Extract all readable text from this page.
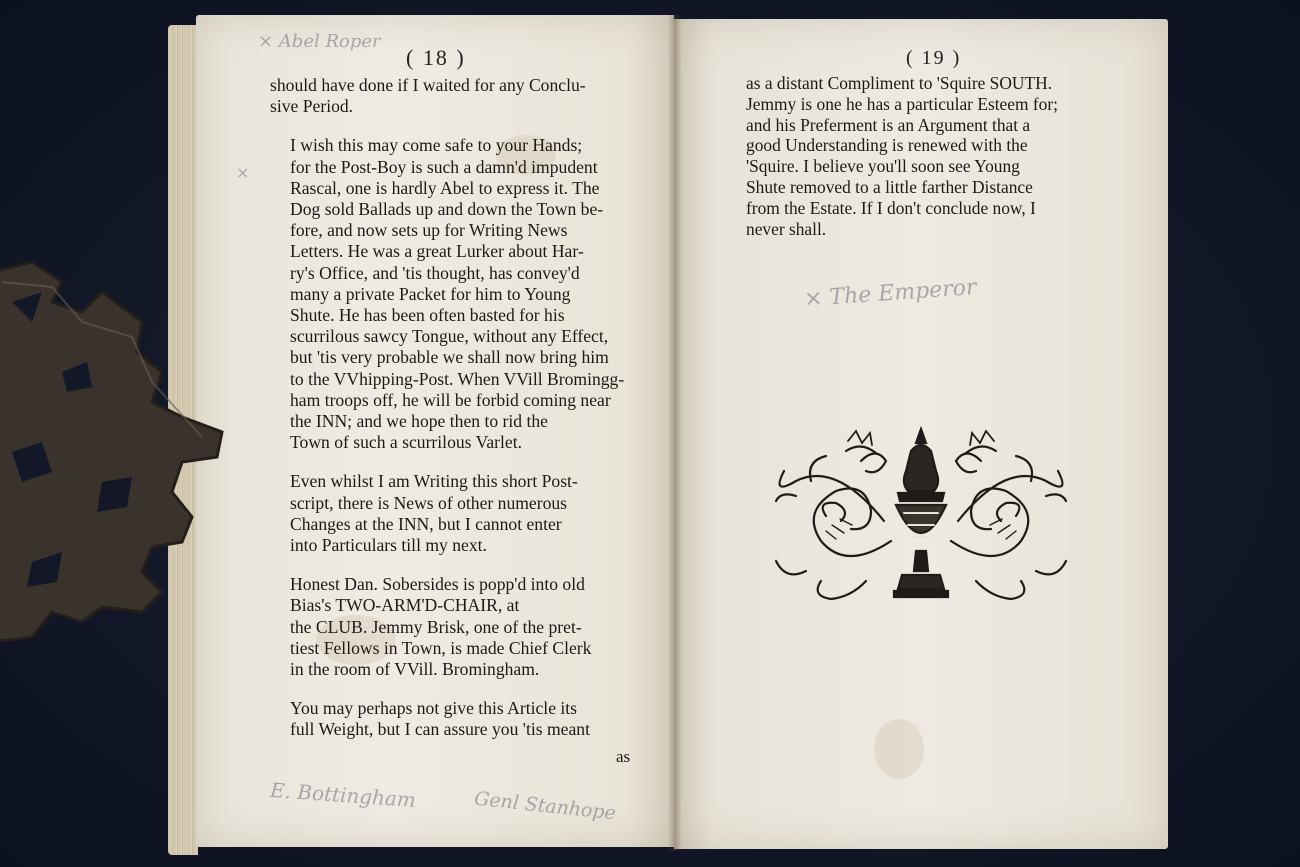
× Abel Roper
×
( 18 )
should have done if I waited for any Conclu-
sive Period.
I wish this may come safe to your Hands;
for the Post-Boy is such a damn'd impudent
Rascal, one is hardly Abel to express it. The
Dog sold Ballads up and down the Town be-
fore, and now sets up for Writing News
Letters. He was a great Lurker about Har-
ry's Office, and 'tis thought, has convey'd
many a private Packet for him to Young
Shute. He has been often basted for his
scurrilous sawcy Tongue, without any Effect,
but 'tis very probable we shall now bring him
to the VVhipping-Post. When VVill Bromingg-
ham troops off, he will be forbid coming near
the INN; and we hope then to rid the
Town of such a scurrilous Varlet.
Even whilst I am Writing this short Post-
script, there is News of other numerous
Changes at the INN, but I cannot enter
into Particulars till my next.
Honest Dan. Sobersides is popp'd into old
Bias's TWO-ARM'D-CHAIR, at
the CLUB. Jemmy Brisk, one of the pret-
tiest Fellows in Town, is made Chief Clerk
in the room of VVill. Bromingham.
You may perhaps not give this Article its
full Weight, but I can assure you 'tis meant
as
E. Bottingham	Genl Stanhope
( 19 )
as a distant Compliment to 'Squire SOUTH.
Jemmy is one he has a particular Esteem for;
and his Preferment is an Argument that a
good Understanding is renewed with the
'Squire. I believe you'll soon see Young
Shute removed to a little farther Distance
from the Estate. If I don't conclude now, I
never shall.
× The Emperor
